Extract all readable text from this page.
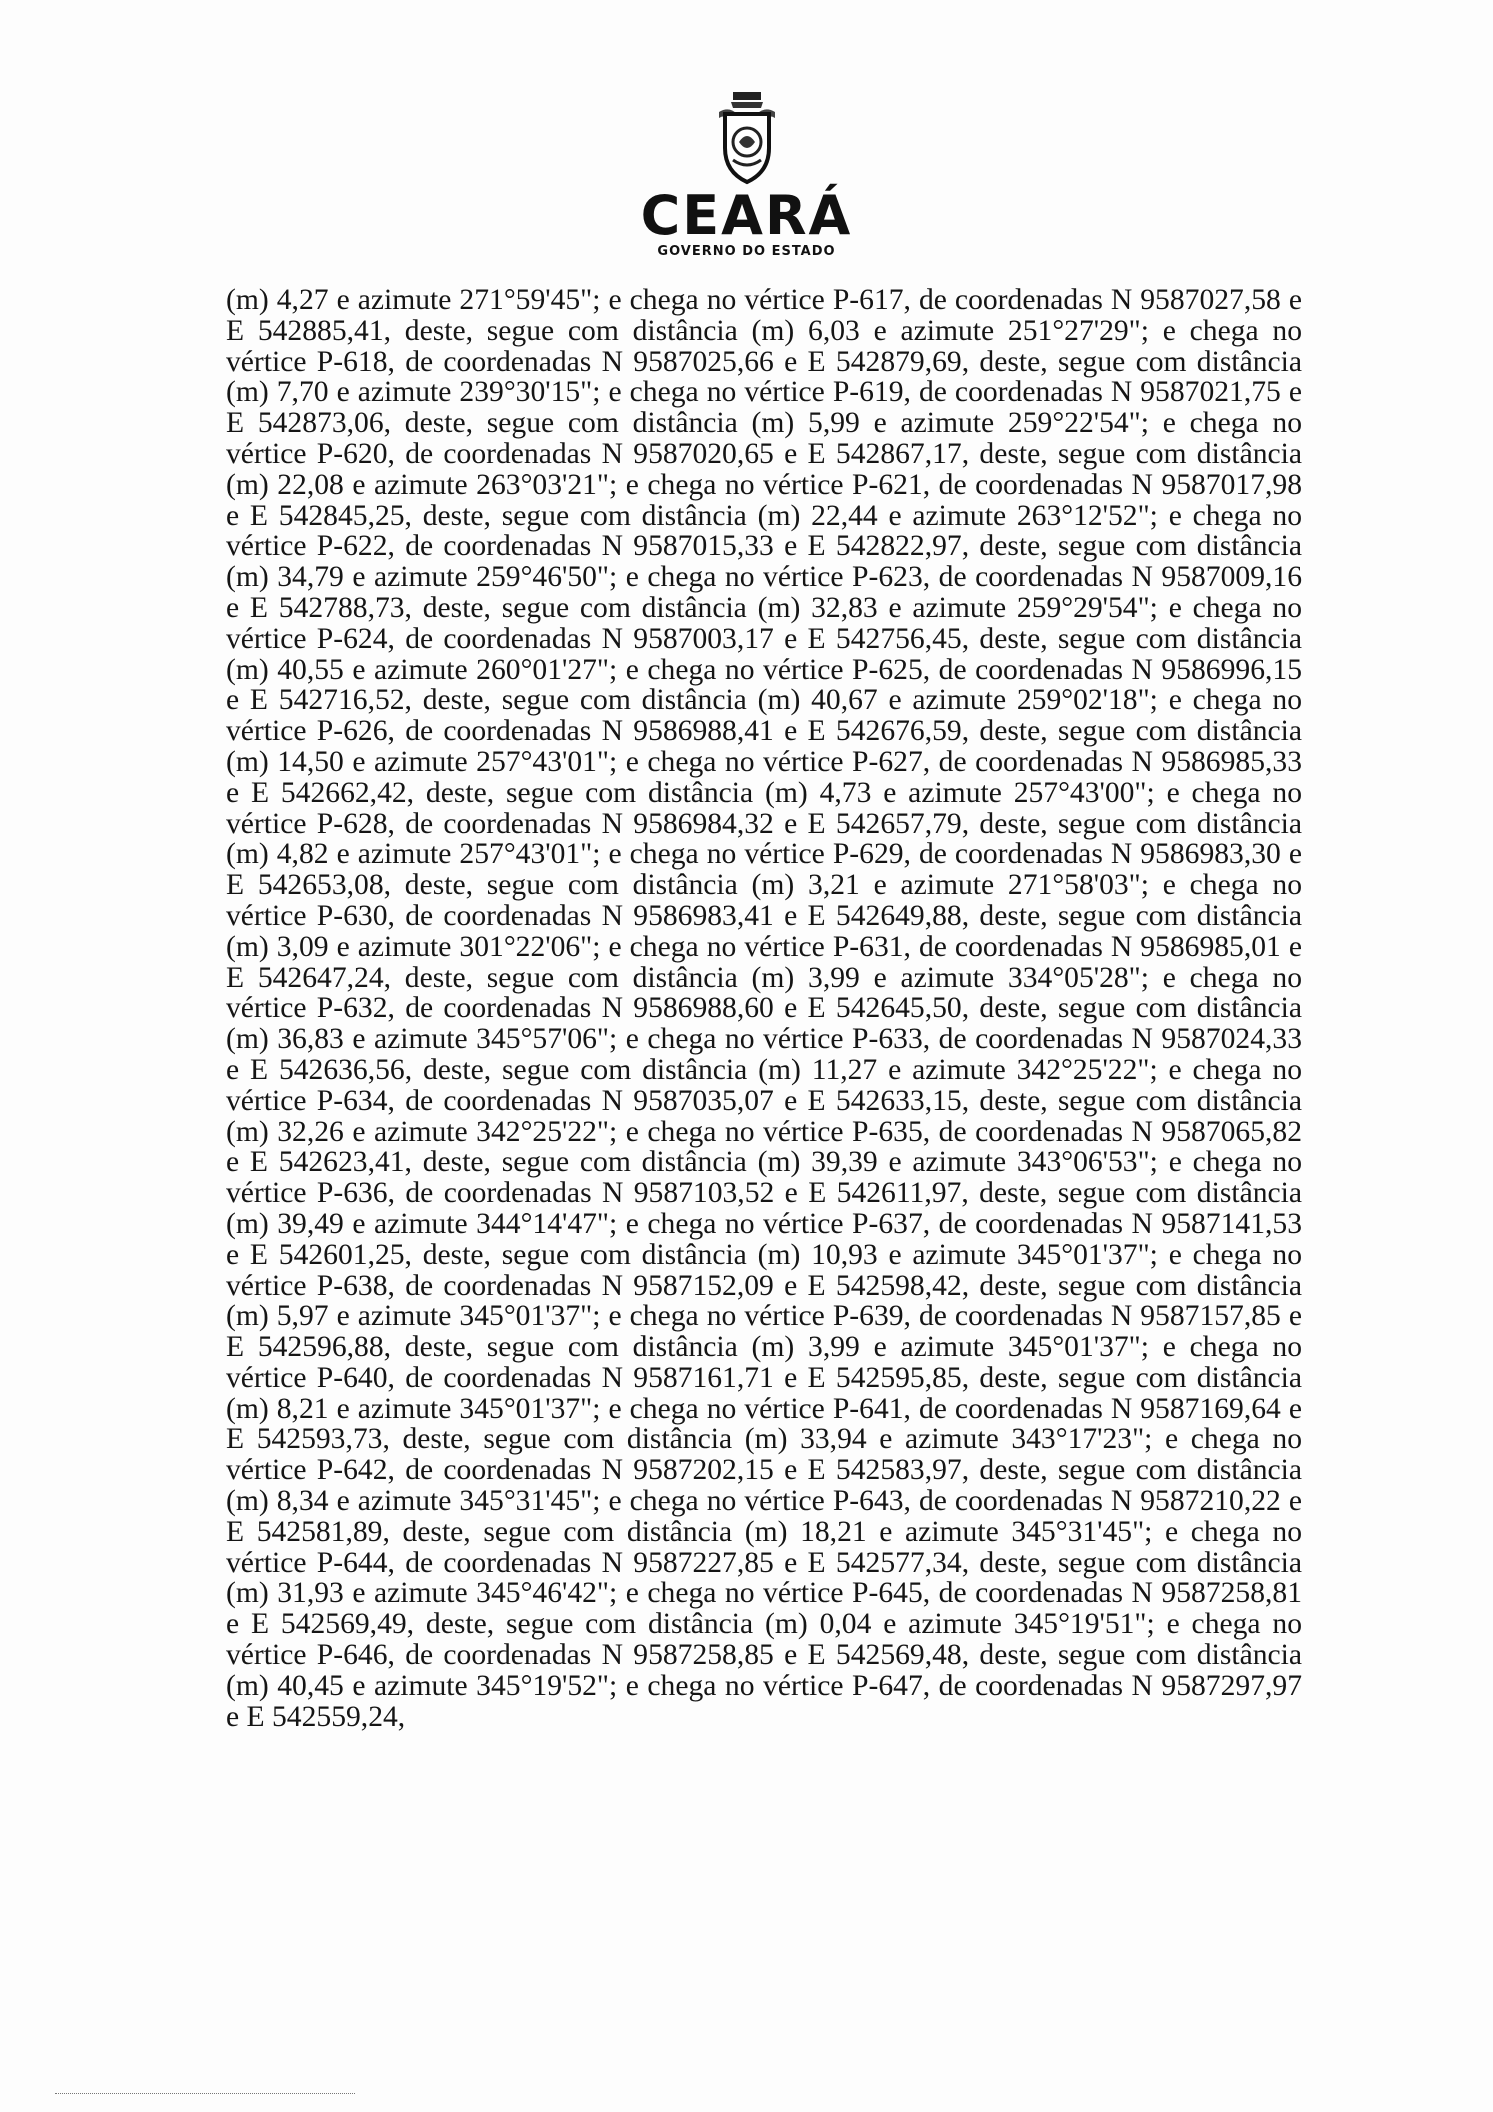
CEARÁ
GOVERNO DO ESTADO

(m) 4,27 e azimute 271°59'45"; e chega no vértice P-617, de coordenadas N 9587027,58 e E 542885,41, deste, segue com distância (m) 6,03 e azimute 251°27'29"; e chega no vértice P-618, de coordenadas N 9587025,66 e E 542879,69, deste, segue com distância (m) 7,70 e azimute 239°30'15"; e chega no vértice P-619, de coordenadas N 9587021,75 e E 542873,06, deste, segue com distância (m) 5,99 e azimute 259°22'54"; e chega no vértice P-620, de coordenadas N 9587020,65 e E 542867,17, deste, segue com distância (m) 22,08 e azimute 263°03'21"; e chega no vértice P-621, de coordenadas N 9587017,98 e E 542845,25, deste, segue com distância (m) 22,44 e azimute 263°12'52"; e chega no vértice P-622, de coordenadas N 9587015,33 e E 542822,97, deste, segue com distância (m) 34,79 e azimute 259°46'50"; e chega no vértice P-623, de coordenadas N 9587009,16 e E 542788,73, deste, segue com distância (m) 32,83 e azimute 259°29'54"; e chega no vértice P-624, de coordenadas N 9587003,17 e E 542756,45, deste, segue com distância (m) 40,55 e azimute 260°01'27"; e chega no vértice P-625, de coordenadas N 9586996,15 e E 542716,52, deste, segue com distância (m) 40,67 e azimute 259°02'18"; e chega no vértice P-626, de coordenadas N 9586988,41 e E 542676,59, deste, segue com distância (m) 14,50 e azimute 257°43'01"; e chega no vértice P-627, de coordenadas N 9586985,33 e E 542662,42, deste, segue com distância (m) 4,73 e azimute 257°43'00"; e chega no vértice P-628, de coordenadas N 9586984,32 e E 542657,79, deste, segue com distância (m) 4,82 e azimute 257°43'01"; e chega no vértice P-629, de coordenadas N 9586983,30 e E 542653,08, deste, segue com distância (m) 3,21 e azimute 271°58'03"; e chega no vértice P-630, de coordenadas N 9586983,41 e E 542649,88, deste, segue com distância (m) 3,09 e azimute 301°22'06"; e chega no vértice P-631, de coordenadas N 9586985,01 e E 542647,24, deste, segue com distância (m) 3,99 e azimute 334°05'28"; e chega no vértice P-632, de coordenadas N 9586988,60 e E 542645,50, deste, segue com distância (m) 36,83 e azimute 345°57'06"; e chega no vértice P-633, de coordenadas N 9587024,33 e E 542636,56, deste, segue com distância (m) 11,27 e azimute 342°25'22"; e chega no vértice P-634, de coordenadas N 9587035,07 e E 542633,15, deste, segue com distância (m) 32,26 e azimute 342°25'22"; e chega no vértice P-635, de coordenadas N 9587065,82 e E 542623,41, deste, segue com distância (m) 39,39 e azimute 343°06'53"; e chega no vértice P-636, de coordenadas N 9587103,52 e E 542611,97, deste, segue com distância (m) 39,49 e azimute 344°14'47"; e chega no vértice P-637, de coordenadas N 9587141,53 e E 542601,25, deste, segue com distância (m) 10,93 e azimute 345°01'37"; e chega no vértice P-638, de coordenadas N 9587152,09 e E 542598,42, deste, segue com distância (m) 5,97 e azimute 345°01'37"; e chega no vértice P-639, de coordenadas N 9587157,85 e E 542596,88, deste, segue com distância (m) 3,99 e azimute 345°01'37"; e chega no vértice P-640, de coordenadas N 9587161,71 e E 542595,85, deste, segue com distância (m) 8,21 e azimute 345°01'37"; e chega no vértice P-641, de coordenadas N 9587169,64 e E 542593,73, deste, segue com distância (m) 33,94 e azimute 343°17'23"; e chega no vértice P-642, de coordenadas N 9587202,15 e E 542583,97, deste, segue com distância (m) 8,34 e azimute 345°31'45"; e chega no vértice P-643, de coordenadas N 9587210,22 e E 542581,89, deste, segue com distância (m) 18,21 e azimute 345°31'45"; e chega no vértice P-644, de coordenadas N 9587227,85 e E 542577,34, deste, segue com distância (m) 31,93 e azimute 345°46'42"; e chega no vértice P-645, de coordenadas N 9587258,81 e E 542569,49, deste, segue com distância (m) 0,04 e azimute 345°19'51"; e chega no vértice P-646, de coordenadas N 9587258,85 e E 542569,48, deste, segue com distância (m) 40,45 e azimute 345°19'52"; e chega no vértice P-647, de coordenadas N 9587297,97 e E 542559,24,
